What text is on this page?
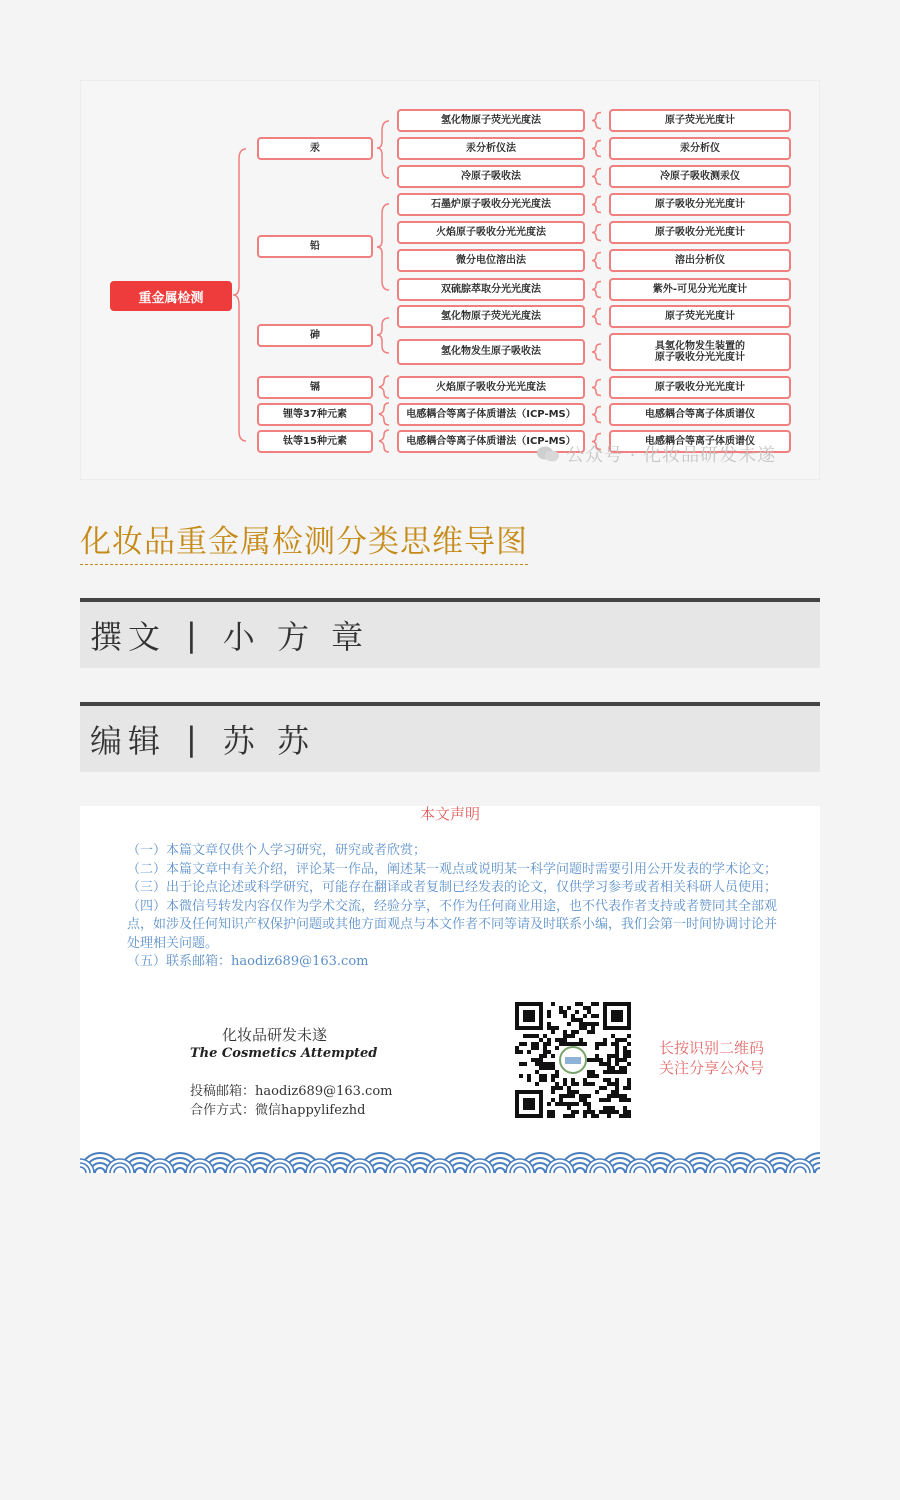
重金属检测
汞
铅
砷
镉
锂等37种元素
钛等15种元素
氢化物原子荧光光度法
汞分析仪法
冷原子吸收法
石墨炉原子吸收分光光度法
火焰原子吸收分光光度法
微分电位溶出法
双硫腙萃取分光光度法
氢化物原子荧光光度法
氢化物发生原子吸收法
火焰原子吸收分光光度法
电感耦合等离子体质谱法（ICP-MS）
电感耦合等离子体质谱法（ICP-MS）
原子荧光光度计
汞分析仪
冷原子吸收测汞仪
原子吸收分光光度计
原子吸收分光光度计
溶出分析仪
紫外-可见分光光度计
原子荧光光度计
具氢化物发生装置的
原子吸收分光光度计
原子吸收分光光度计
电感耦合等离子体质谱仪
电感耦合等离子体质谱仪
公众号 · 化妆品研发未遂
化妆品重金属检测分类思维导图
撰文 | 小 方 章
编辑 | 苏 苏
本文声明

（一）本篇文章仅供个人学习研究，研究或者欣赏；

（二）本篇文章中有关介绍，评论某一作品，阐述某一观点或说明某一科学问题时需要引用公开发表的学术论文；

（三）出于论点论述或科学研究，可能存在翻译或者复制已经发表的论文，仅供学习参考或者相关科研人员使用；

（四）本微信号转发内容仅作为学术交流，经验分享，不作为任何商业用途，也不代表作者支持或者赞同其全部观点，如涉及任何知识产权保护问题或其他方面观点与本文作者不同等请及时联系小编，我们会第一时间协调讨论并处理相关问题。

（五）联系邮箱：haodiz689@163.com

化妆品研发未遂
The Cosmetics Attempted

投稿邮箱：haodiz689@163.com

合作方式：微信happylifezhd

长按识别二维码

关注分享公众号
